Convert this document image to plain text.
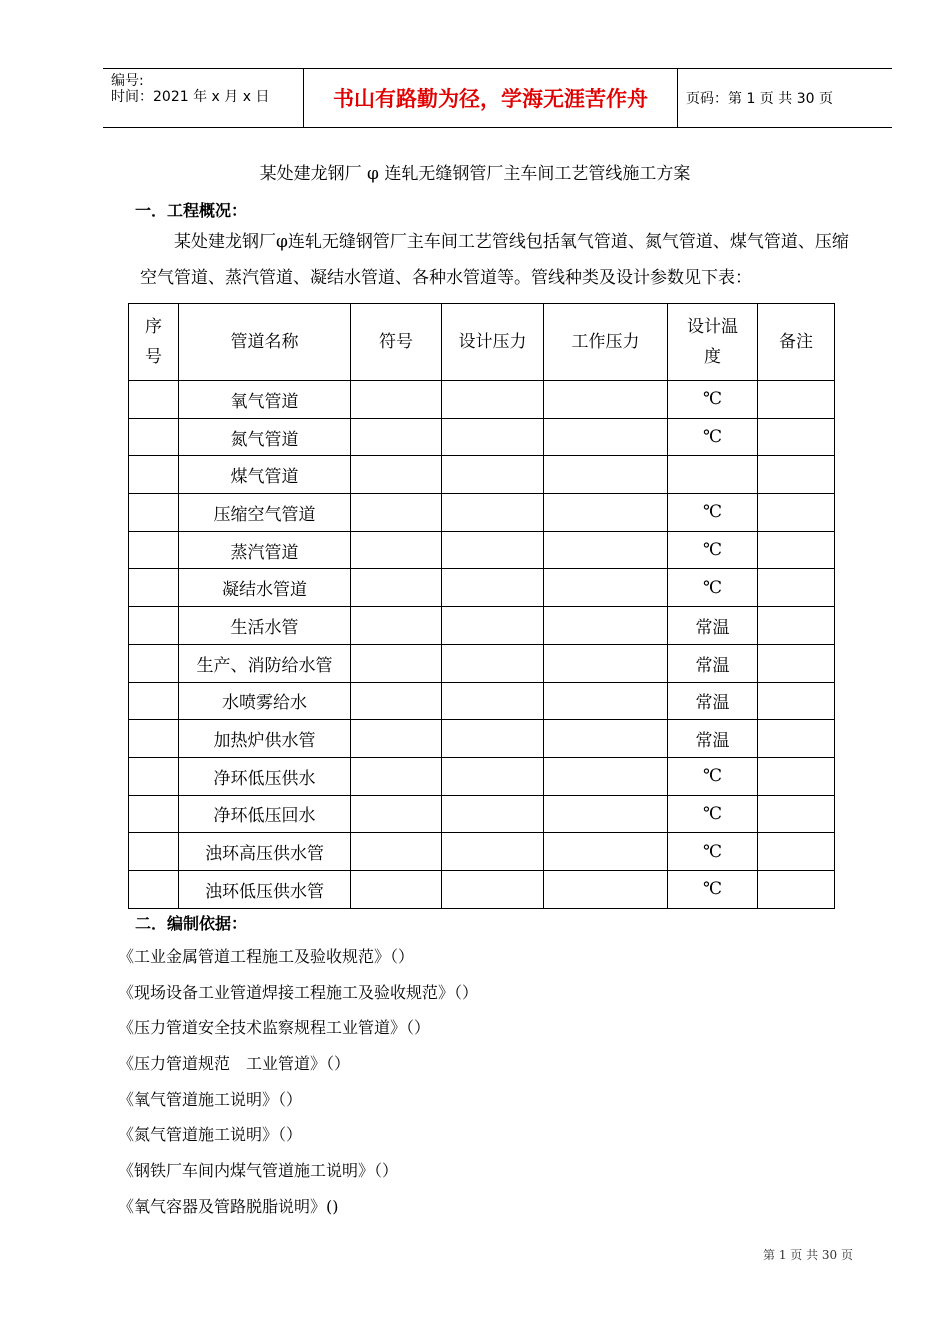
编号:
时间：2021 年 x 月 x 日	书山有路勤为径，学海无涯苦作舟	页码：第 1 页 共 30 页
某处建龙钢厂 φ 连轧无缝钢管厂主车间工艺管线施工方案
一．工程概况：
某处建龙钢厂φ连轧无缝钢管厂主车间工艺管线包括氧气管道、氮气管道、煤气管道、压缩空气管道、蒸汽管道、凝结水管道、各种水管道等。管线种类及设计参数见下表：
序号	管道名称	符号	设计压力	工作压力	设计温度	备注
	氧气管道				℃	
	氮气管道				℃	
	煤气管道					
	压缩空气管道				℃	
	蒸汽管道				℃	
	凝结水管道				℃	
	生活水管				常温	
	生产、消防给水管				常温	
	水喷雾给水				常温	
	加热炉供水管				常温	
	净环低压供水				℃	
	净环低压回水				℃	
	浊环高压供水管				℃	
	浊环低压供水管				℃	
二．编制依据：
《工业金属管道工程施工及验收规范》（）
《现场设备工业管道焊接工程施工及验收规范》（）
《压力管道安全技术监察规程工业管道》（）
《压力管道规范　工业管道》（）
《氧气管道施工说明》（）
《氮气管道施工说明》（）
《钢铁厂车间内煤气管道施工说明》（）
《氧气容器及管路脱脂说明》()
第 1 页 共 30 页
